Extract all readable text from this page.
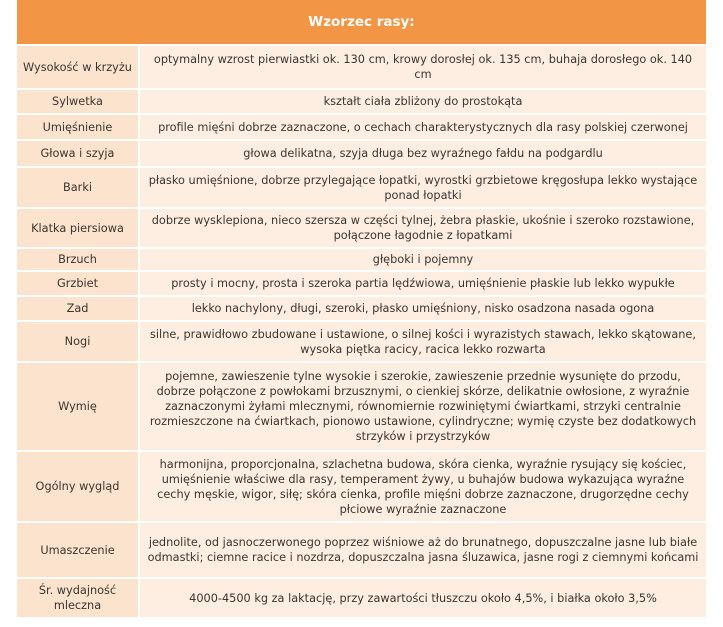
Wzorzec rasy:	
Wysokość w krzyżu	optymalny wzrost pierwiastki ok. 130 cm, krowy dorosłej ok. 135 cm, buhaja dorosłego ok. 140 cm
Sylwetka	kształt ciała zbliżony do prostokąta
Umięśnienie	profile mięśni dobrze zaznaczone, o cechach charakterystycznych dla rasy polskiej czerwonej
Głowa i szyja	głowa delikatna, szyja długa bez wyraźnego fałdu na podgardlu
Barki	płasko umięśnione, dobrze przylegające łopatki, wyrostki grzbietowe kręgosłupa lekko wystające ponad łopatki
Klatka piersiowa	dobrze wysklepiona, nieco szersza w części tylnej, żebra płaskie, ukośnie i szeroko rozstawione, połączone łagodnie z łopatkami
Brzuch	głęboki i pojemny
Grzbiet	prosty i mocny, prosta i szeroka partia lędźwiowa, umięśnienie płaskie lub lekko wypukłe
Zad	lekko nachylony, długi, szeroki, płasko umięśniony, nisko osadzona nasada ogona
Nogi	silne, prawidłowo zbudowane i ustawione, o silnej kości i wyrazistych stawach, lekko skątowane, wysoka piętka racicy, racica lekko rozwarta
Wymię	pojemne, zawieszenie tylne wysokie i szerokie, zawieszenie przednie wysunięte do przodu, dobrze połączone z powłokami brzusznymi, o cienkiej skórze, delikatnie owłosione, z wyraźnie zaznaczonymi żyłami mlecznymi, równomiernie rozwiniętymi ćwiartkami, strzyki centralnie rozmieszczone na ćwiartkach, pionowo ustawione, cylindryczne; wymię czyste bez dodatkowych strzyków i przystrzyków
Ogólny wygląd	harmonijna, proporcjonalna, szlachetna budowa, skóra cienka, wyraźnie rysujący się kościec, umięśnienie właściwe dla rasy, temperament żywy, u buhajów budowa wykazująca wyraźne cechy męskie, wigor, siłę; skóra cienka, profile mięśni dobrze zaznaczone, drugorzędne cechy płciowe wyraźnie zaznaczone
Umaszczenie	jednolite, od jasnoczerwonego poprzez wiśniowe aż do brunatnego, dopuszczalne jasne lub białe odmastki; ciemne racice i nozdrza, dopuszczalna jasna śluzawica, jasne rogi z ciemnymi końcami
Śr. wydajność mleczna	4000-4500 kg za laktację, przy zawartości tłuszczu około 4,5%, i białka około 3,5%
